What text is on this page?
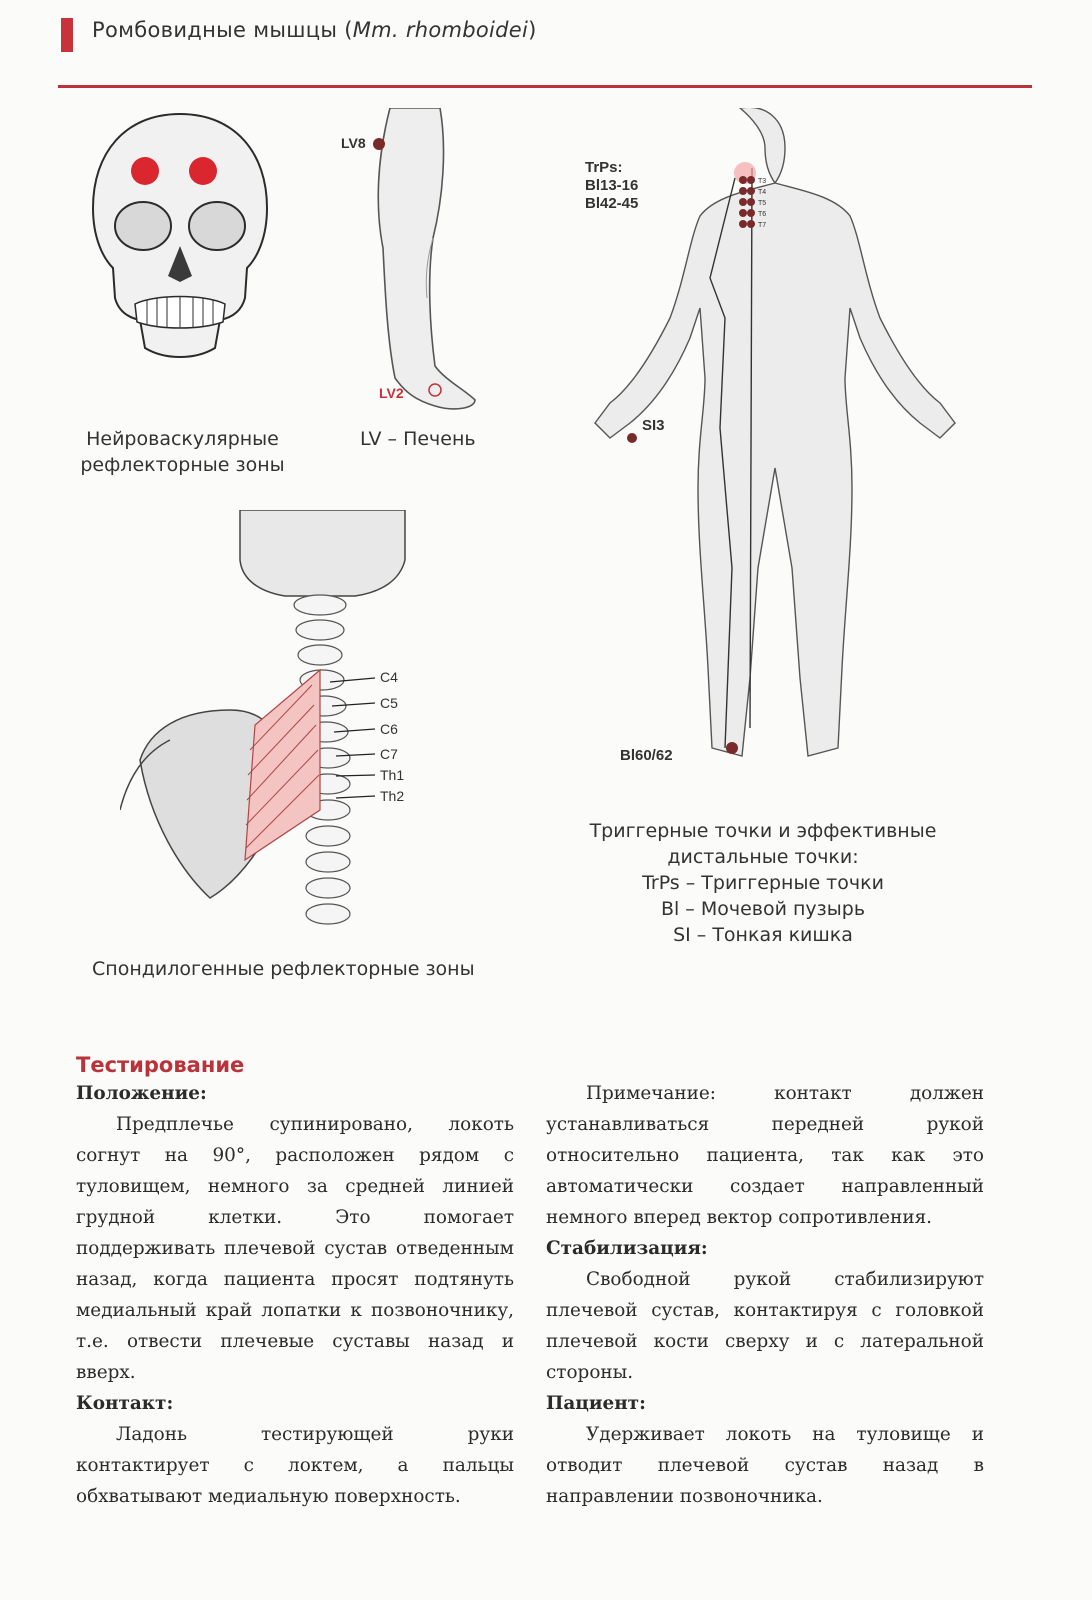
Ромбовидные мышцы (Mm. rhomboidei)
Нейроваскулярные
рефлекторные зоны
LV8
LV2
LV – Печень
C4
C5
C6
C7
Th1
Th2
Спондилогенные рефлекторные зоны
T3
T4
T5
T6
T7
TrPs:
Bl13-16
Bl42-45
SI3
Bl60/62
Триггерные точки и эффективные
дистальные точки:
TrPs – Триггерные точки
Bl – Мочевой пузырь
SI – Тонкая кишка
Тестирование
Положение:
Предплечье супинировано, локоть согнут на 90°, расположен рядом с туловищем, немного за средней линией грудной клетки. Это помогает поддерживать плечевой сустав отведенным назад, когда пациента просят подтянуть медиальный край лопатки к позвоночнику, т.е. отвести плечевые суставы назад и вверх.
Контакт:
Ладонь тестирующей руки контактирует с локтем, а пальцы обхватывают медиальную поверхность.
Примечание: контакт должен устанавливаться передней рукой относительно пациента, так как это автоматически создает направленный немного вперед вектор сопротивления.
Стабилизация:
Свободной рукой стабилизируют плечевой сустав, контактируя с головкой плечевой кости сверху и с латеральной стороны.
Пациент:
Удерживает локоть на туловище и отводит плечевой сустав назад в направлении позвоночника.
